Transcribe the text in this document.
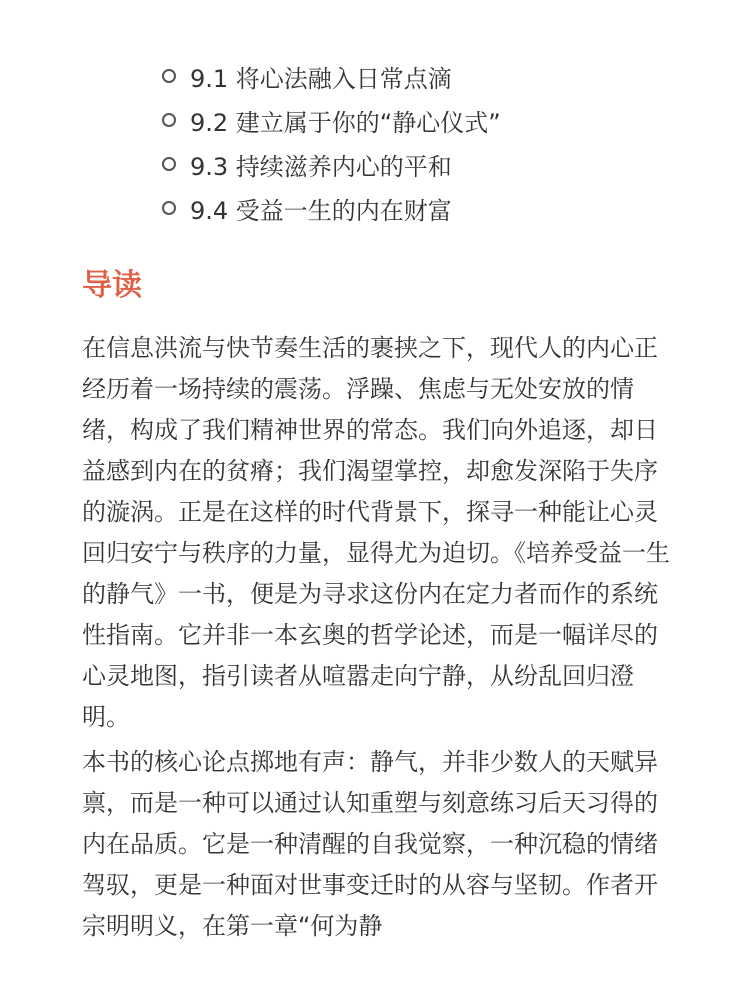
9.1 将心法融入日常点滴
9.2 建立属于你的“静心仪式”
9.3 持续滋养内心的平和
9.4 受益一生的内在财富
导读

在信息洪流与快节奏生活的裹挟之下，现代人的内心正经历着一场持续的震荡。浮躁、焦虑与无处安放的情绪，构成了我们精神世界的常态。我们向外追逐，却日益感到内在的贫瘠；我们渴望掌控，却愈发深陷于失序的漩涡。正是在这样的时代背景下，探寻一种能让心灵回归安宁与秩序的力量，显得尤为迫切。《培养受益一生的静气》一书，便是为寻求这份内在定力者而作的系统性指南。它并非一本玄奥的哲学论述，而是一幅详尽的心灵地图，指引读者从喧嚣走向宁静，从纷乱回归澄明。

本书的核心论点掷地有声：静气，并非少数人的天赋异禀，而是一种可以通过认知重塑与刻意练习后天习得的内在品质。它是一种清醒的自我觉察，一种沉稳的情绪驾驭，更是一种面对世事变迁时的从容与坚韧。作者开宗明明义，在第一章“何为静
